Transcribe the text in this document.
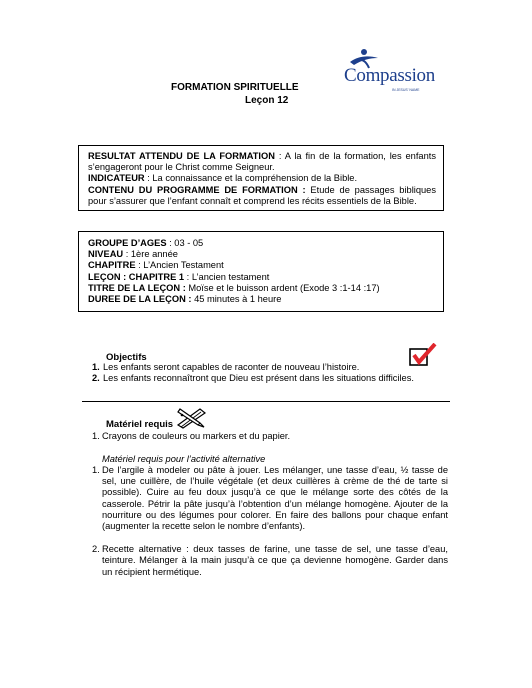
FORMATION SPIRITUELLE
Leçon 12
Compassion
IN JESUS' NAME
RESULTAT ATTENDU DE LA FORMATION : A la fin de la formation, les enfants s’engageront pour le Christ comme Seigneur.
INDICATEUR : La connaissance et la compréhension de la Bible.
CONTENU DU PROGRAMME DE FORMATION : Etude de passages bibliques pour s’assurer que l’enfant connaît et comprend les récits essentiels de la Bible.
GROUPE D’AGES : 03 - 05
NIVEAU : 1ère année
CHAPITRE : L’Ancien Testament
LEÇON : CHAPITRE 1 : L’ancien testament
TITRE DE LA LEÇON : Moïse et le buisson ardent (Exode 3 :1-14 :17)
DUREE DE LA LEÇON : 45 minutes à 1 heure
Objectifs
1. Les enfants seront capables de raconter de nouveau l’histoire.
2. Les enfants reconnaîtront que Dieu est présent dans les situations difficiles.
Matériel requis
1. Crayons de couleurs ou markers et du papier.
Matériel requis pour l’activité alternative
1. De l’argile à modeler ou pâte à jouer. Les mélanger, une tasse d’eau, ½ tasse de sel, une cuillère, de l’huile végétale (et deux cuillères à crème de thé de tarte si possible). Cuire au feu doux jusqu’à ce que le mélange sorte des côtés de la casserole. Pétrir la pâte jusqu’à l’obtention d’un mélange homogène. Ajouter de la nourriture ou des légumes pour colorer. En faire des ballons pour chaque enfant (augmenter la recette selon le nombre d’enfants).
2. Recette alternative : deux tasses de farine, une tasse de sel, une tasse d’eau, teinture. Mélanger à la main jusqu’à ce que ça devienne homogène. Garder dans un récipient hermétique.
